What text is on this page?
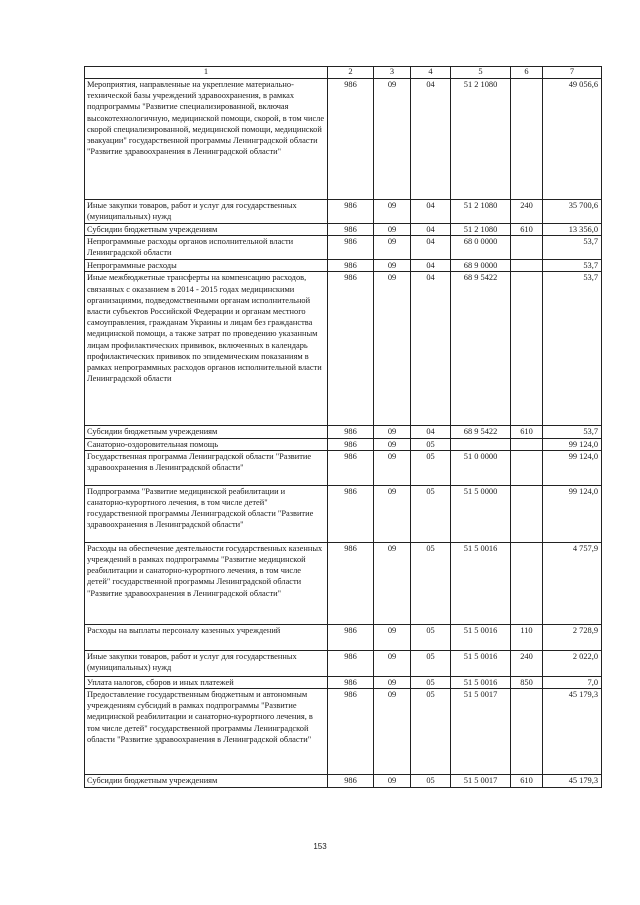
1	2	3	4	5	6	7
Мероприятия, направленные на укрепление материально-технической базы учреждений здравоохранения, в рамках подпрограммы "Развитие специализированной, включая высокотехнологичную, медицинской помощи, скорой, в том числе скорой специализированной, медицинской помощи, медицинской эвакуации" государственной программы Ленинградской области "Развитие здравоохранения в Ленинградской области"	986	09	04	51 2 1080		49 056,6
Иные закупки товаров, работ и услуг для государственных (муниципальных) нужд	986	09	04	51 2 1080	240	35 700,6
Субсидии бюджетным учреждениям	986	09	04	51 2 1080	610	13 356,0
Непрограммные расходы органов исполнительной власти Ленинградской области	986	09	04	68 0 0000		53,7
Непрограммные расходы	986	09	04	68 9 0000		53,7
Иные межбюджетные трансферты на компенсацию расходов, связанных с оказанием в 2014 - 2015 годах медицинскими организациями, подведомственными органам исполнительной власти субъектов Российской Федерации и органам местного самоуправления, гражданам Украины и лицам без гражданства медицинской помощи, а также затрат по проведению указанным лицам профилактических прививок, включенных в календарь профилактических прививок по эпидемическим показаниям в рамках непрограммных расходов органов исполнительной власти Ленинградской области	986	09	04	68 9 5422		53,7
Субсидии бюджетным учреждениям	986	09	04	68 9 5422	610	53,7
Санаторно-оздоровительная помощь	986	09	05			99 124,0
Государственная программа Ленинградской области "Развитие здравоохранения в Ленинградской области"	986	09	05	51 0 0000		99 124,0
Подпрограмма "Развитие медицинской реабилитации и санаторно-курортного лечения, в том числе детей" государственной программы Ленинградской области "Развитие здравоохранения в Ленинградской области"	986	09	05	51 5 0000		99 124,0
Расходы на обеспечение деятельности государственных казенных учреждений в рамках подпрограммы "Развитие медицинской реабилитации и санаторно-курортного лечения, в том числе детей" государственной программы Ленинградской области "Развитие здравоохранения в Ленинградской области"	986	09	05	51 5 0016		4 757,9
Расходы на выплаты персоналу казенных учреждений	986	09	05	51 5 0016	110	2 728,9
Иные закупки товаров, работ и услуг для государственных (муниципальных) нужд	986	09	05	51 5 0016	240	2 022,0
Уплата налогов, сборов и иных платежей	986	09	05	51 5 0016	850	7,0
Предоставление государственным бюджетным и автономным учреждениям субсидий в рамках подпрограммы "Развитие медицинской реабилитации и санаторно-курортного лечения, в том числе детей" государственной программы Ленинградской области "Развитие здравоохранения в Ленинградской области"	986	09	05	51 5 0017		45 179,3
Субсидии бюджетным учреждениям	986	09	05	51 5 0017	610	45 179,3
153
